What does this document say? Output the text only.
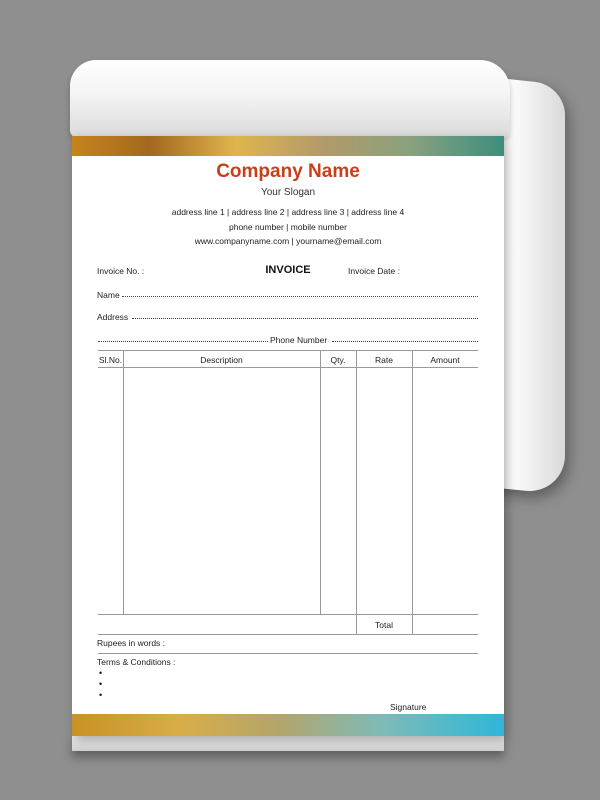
Company Name
Your Slogan
address line 1 | address line 2 | address line 3 | address line 4
phone number | mobile number
www.companyname.com | yourname@email.com
Invoice No. :	INVOICE	Invoice Date :
Name
Address
Phone Number
Sl.No.	Description	Qty.	Rate	Amount
Total
Rupees in words :
Terms & Conditions :
•
•
•
Signature
